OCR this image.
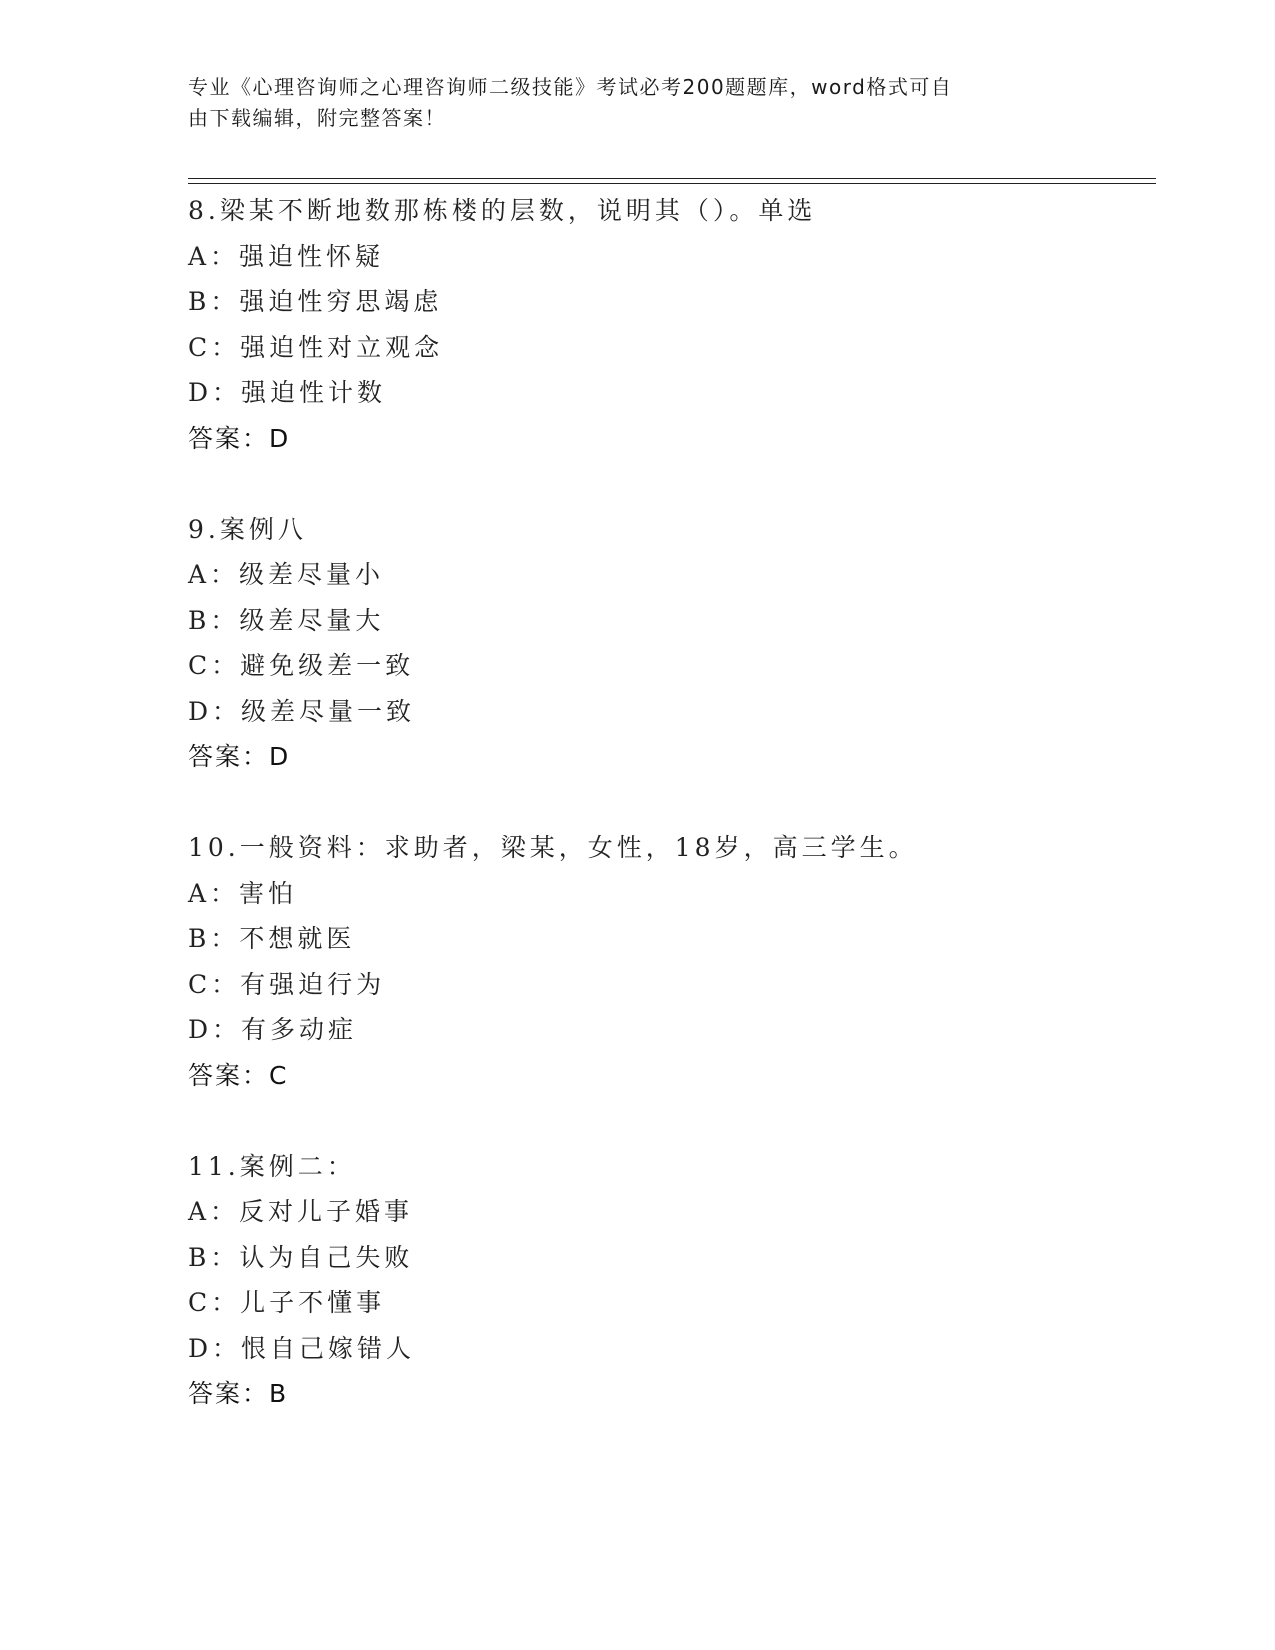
专业《心理咨询师之心理咨询师二级技能》考试必考200题题库，word格式可自
由下载编辑，附完整答案！
8.梁某不断地数那栋楼的层数，说明其（）。单选
A：强迫性怀疑
B：强迫性穷思竭虑
C：强迫性对立观念
D：强迫性计数
答案：D
9.案例八
A：级差尽量小
B：级差尽量大
C：避免级差一致
D：级差尽量一致
答案：D
10.一般资料：求助者，梁某，女性，18岁，高三学生。
A：害怕
B：不想就医
C：有强迫行为
D：有多动症
答案：C
11.案例二：
A：反对儿子婚事
B：认为自己失败
C：儿子不懂事
D：恨自己嫁错人
答案：B
